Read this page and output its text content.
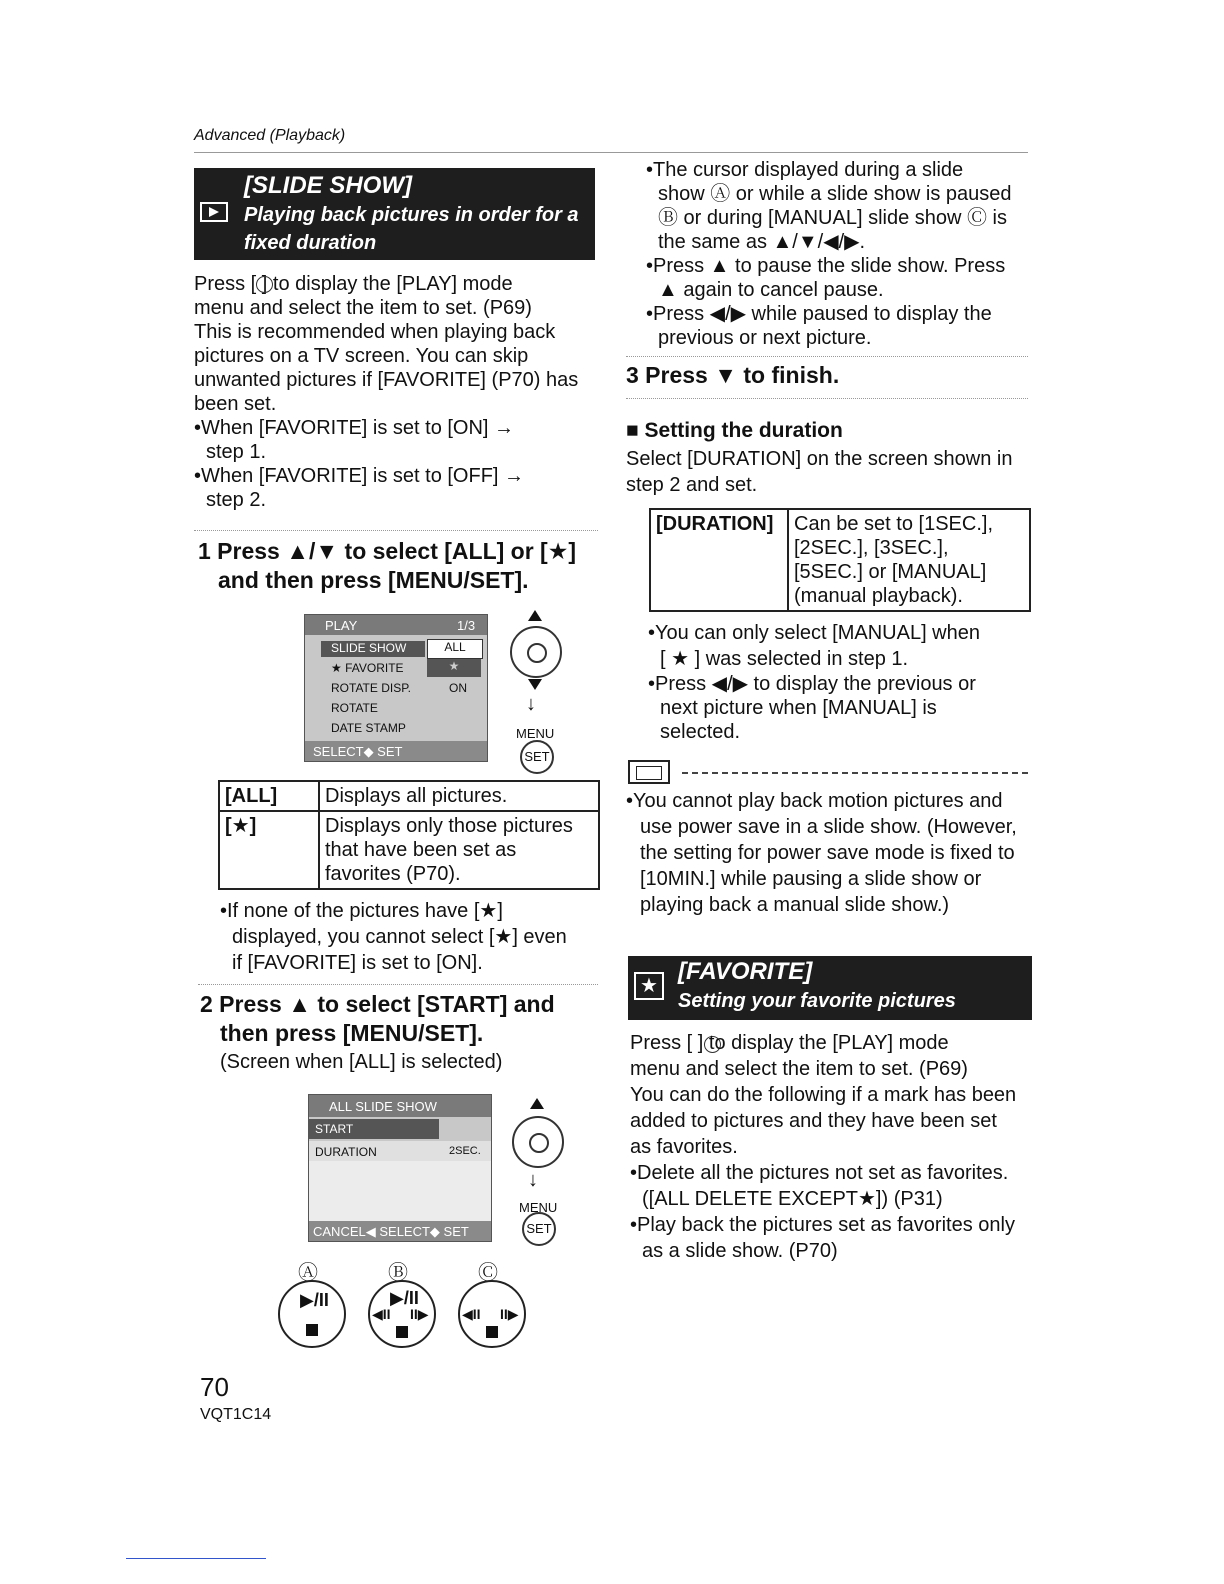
Advanced (Playback)
[SLIDE SHOW]
Playing back pictures in order for a
fixed duration

Press [ ] to display the [PLAY] mode

menu and select the item to set. (P69)

This is recommended when playing back

pictures on a TV screen. You can skip

unwanted pictures if [FAVORITE] (P70) has

been set.

•When [FAVORITE] is set to [ON] →

step 1.

•When [FAVORITE] is set to [OFF] →

step 2.

1 Press ▲/▼ to select [ALL] or [★]
and then press [MENU/SET].
PLAY	1/3
SLIDE SHOW	ALL
★ FAVORITE	★
ROTATE DISP.	ON
ROTATE
DATE STAMP
SELECT◆ SET
↓
MENU
SET
[ALL]	Displays all pictures.
[★]	Displays only those pictures
that have been set as
favorites (P70).

•If none of the pictures have [★]

displayed, you cannot select [★] even

if [FAVORITE] is set to [ON].

2 Press ▲ to select [START] and
then press [MENU/SET].
(Screen when [ALL] is selected)
ALL SLIDE SHOW
START
DURATION	2SEC.
CANCEL◀ SELECT◆ SET
↓
MENU
SET
Ⓐ	Ⓑ	Ⓒ
▶/II	▶/II
◀II II▶ ◀II II▶

•The cursor displayed during a slide

show Ⓐ or while a slide show is paused

Ⓑ or during [MANUAL] slide show Ⓒ is

the same as ▲/▼/◀/▶.

•Press ▲ to pause the slide show. Press

▲ again to cancel pause.

•Press ◀/▶ while paused to display the

previous or next picture.

3 Press ▼ to finish.
■ Setting the duration

Select [DURATION] on the screen shown in

step 2 and set.

[DURATION]	Can be set to [1SEC.],
[2SEC.], [3SEC.],
[5SEC.] or [MANUAL]
(manual playback).

•You can only select [MANUAL] when

[ ★ ] was selected in step 1.

•Press ◀/▶ to display the previous or

next picture when [MANUAL] is

selected.

•You cannot play back motion pictures and

use power save in a slide show. (However,

the setting for power save mode is fixed to

[10MIN.] while pausing a slide show or

playing back a manual slide show.)

★
[FAVORITE]
Setting your favorite pictures

Press [ ] to display the [PLAY] mode

menu and select the item to set. (P69)

You can do the following if a mark has been

added to pictures and they have been set

as favorites.

•Delete all the pictures not set as favorites.

([ALL DELETE EXCEPT★]) (P31)

•Play back the pictures set as favorites only

as a slide show. (P70)

70
VQT1C14
